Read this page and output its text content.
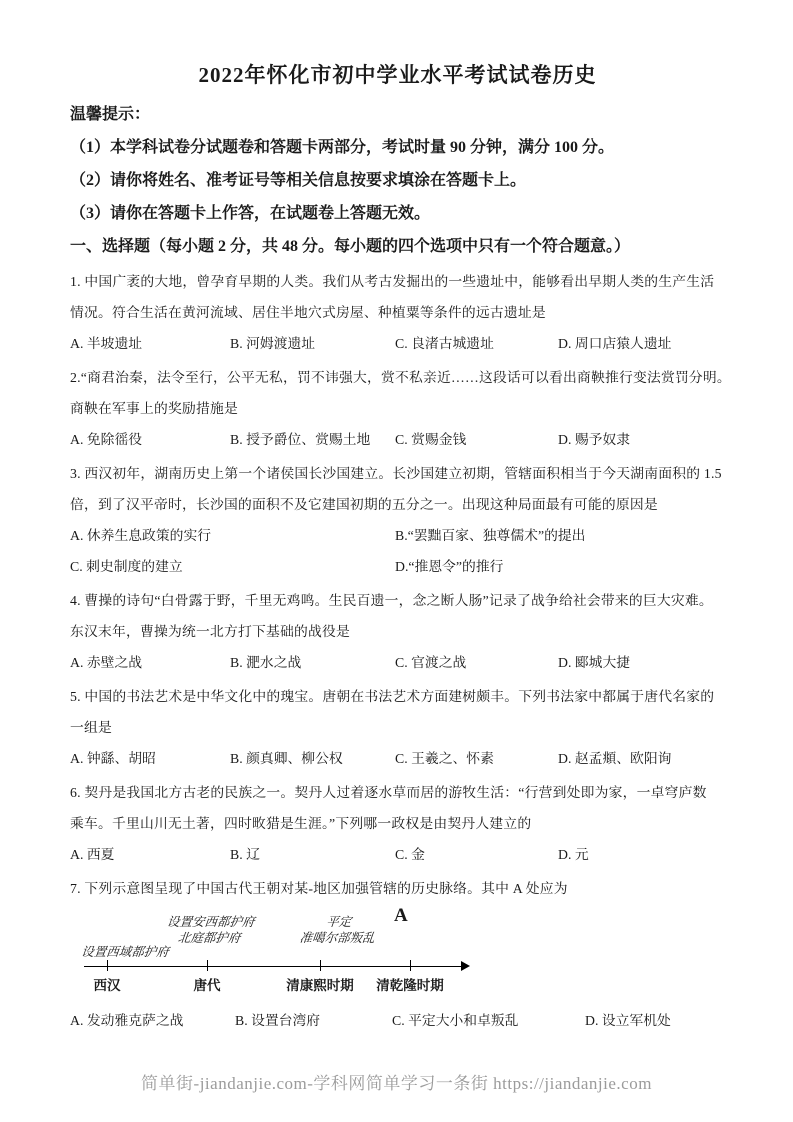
2022年怀化市初中学业水平考试试卷历史

温馨提示：

（1）本学科试卷分试题卷和答题卡两部分，考试时量 90 分钟，满分 100 分。

（2）请你将姓名、准考证号等相关信息按要求填涂在答题卡上。

（3）请你在答题卡上作答，在试题卷上答题无效。

一、选择题（每小题 2 分，共 48 分。每小题的四个选项中只有一个符合题意。）

1. 中国广袤的大地，曾孕育早期的人类。我们从考古发掘出的一些遗址中，能够看出早期人类的生产生活

情况。符合生活在黄河流域、居住半地穴式房屋、种植粟等条件的远古遗址是

A. 半坡遗址	B. 河姆渡遗址	C. 良渚古城遗址	D. 周口店猿人遗址

2.“商君治秦，法令至行，公平无私，罚不讳强大，赏不私亲近……这段话可以看出商鞅推行变法赏罚分明。

商鞅在军事上的奖励措施是

A. 免除徭役	B. 授予爵位、赏赐土地	C. 赏赐金钱	D. 赐予奴隶

3. 西汉初年，湖南历史上第一个诸侯国长沙国建立。长沙国建立初期，管辖面积相当于今天湖南面积的 1.5

倍，到了汉平帝时，长沙国的面积不及它建国初期的五分之一。出现这种局面最有可能的原因是

A. 休养生息政策的实行	B.“罢黜百家、独尊儒术”的提出
C. 刺史制度的建立	D.“推恩令”的推行

4. 曹操的诗句“白骨露于野，千里无鸡鸣。生民百遗一，念之断人肠”记录了战争给社会带来的巨大灾难。

东汉末年，曹操为统一北方打下基础的战役是

A. 赤壁之战	B. 淝水之战	C. 官渡之战	D. 郾城大捷

5. 中国的书法艺术是中华文化中的瑰宝。唐朝在书法艺术方面建树颇丰。下列书法家中都属于唐代名家的

一组是

A. 钟繇、胡昭	B. 颜真卿、柳公权	C. 王羲之、怀素	D. 赵孟頫、欧阳询

6. 契丹是我国北方古老的民族之一。契丹人过着逐水草而居的游牧生活：“行营到处即为家，一卓穹庐数

乘车。千里山川无土著，四时畋猎是生涯。”下列哪一政权是由契丹人建立的

A. 西夏	B. 辽	C. 金	D. 元

7. 下列示意图呈现了中国古代王朝对某-地区加强管辖的历史脉络。其中 A 处应为

设置西域都护府
设置安西都护府
北庭都护府
平定
准噶尔部叛乱
A
西汉	唐代	清康熙时期 清乾隆时期
A. 发动雅克萨之战	B. 设置台湾府	C. 平定大小和卓叛乱	D. 设立军机处
简单街-jiandanjie.com-学科网简单学习一条街 https://jiandanjie.com
